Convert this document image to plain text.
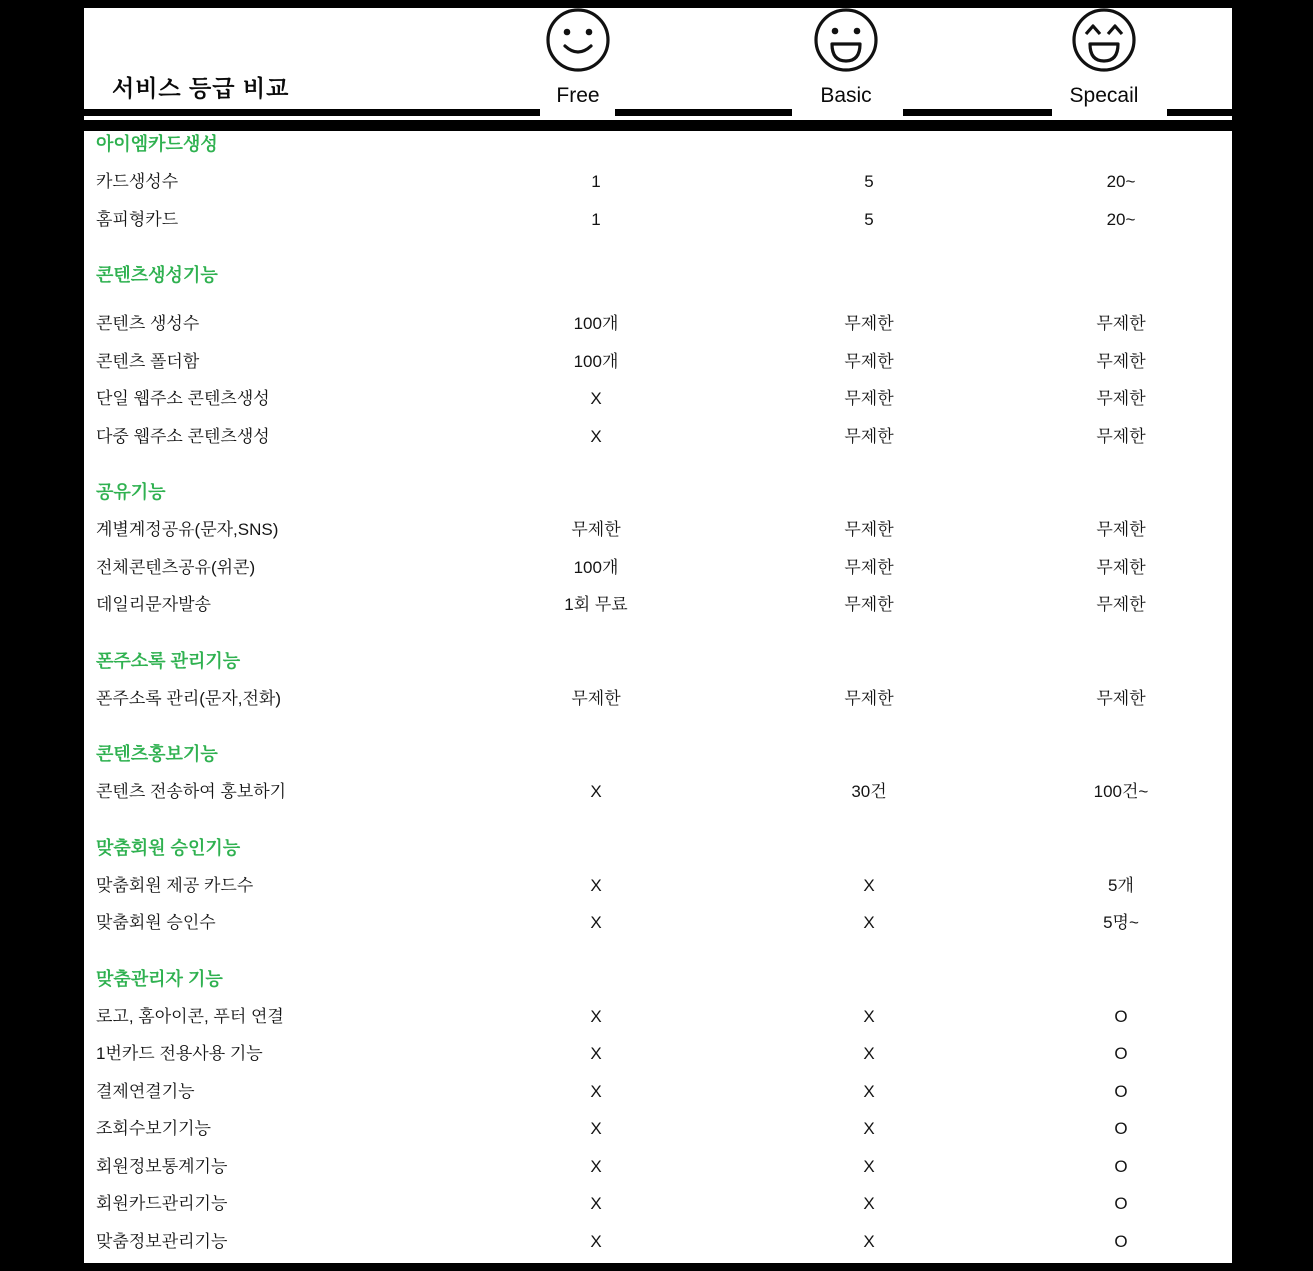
서비스 등급 비교	Free	Basic	Specail
아이엠카드생성
카드생성수	1	5	20~
홈피형카드	1	5	20~
콘텐츠생성기능
콘텐츠 생성수	100개	무제한	무제한
콘텐츠 폴더함	100개	무제한	무제한
단일 웹주소 콘텐츠생성	X	무제한	무제한
다중 웹주소 콘텐츠생성	X	무제한	무제한
공유기능
계별계정공유(문자,SNS)	무제한	무제한	무제한
전체콘텐츠공유(위콘)	100개	무제한	무제한
데일리문자발송	1회 무료	무제한	무제한
폰주소록 관리기능
폰주소록 관리(문자,전화)	무제한	무제한	무제한
콘텐츠홍보기능
콘텐츠 전송하여 홍보하기	X	30건	100건~
맞춤회원 승인기능
맞춤회원 제공 카드수	X	X	5개
맞춤회원 승인수	X	X	5명~
맞춤관리자 기능
로고, 홈아이콘, 푸터 연결	X	X	O
1번카드 전용사용 기능	X	X	O
결제연결기능	X	X	O
조회수보기기능	X	X	O
회원정보통계기능	X	X	O
회원카드관리기능	X	X	O
맞춤정보관리기능	X	X	O
